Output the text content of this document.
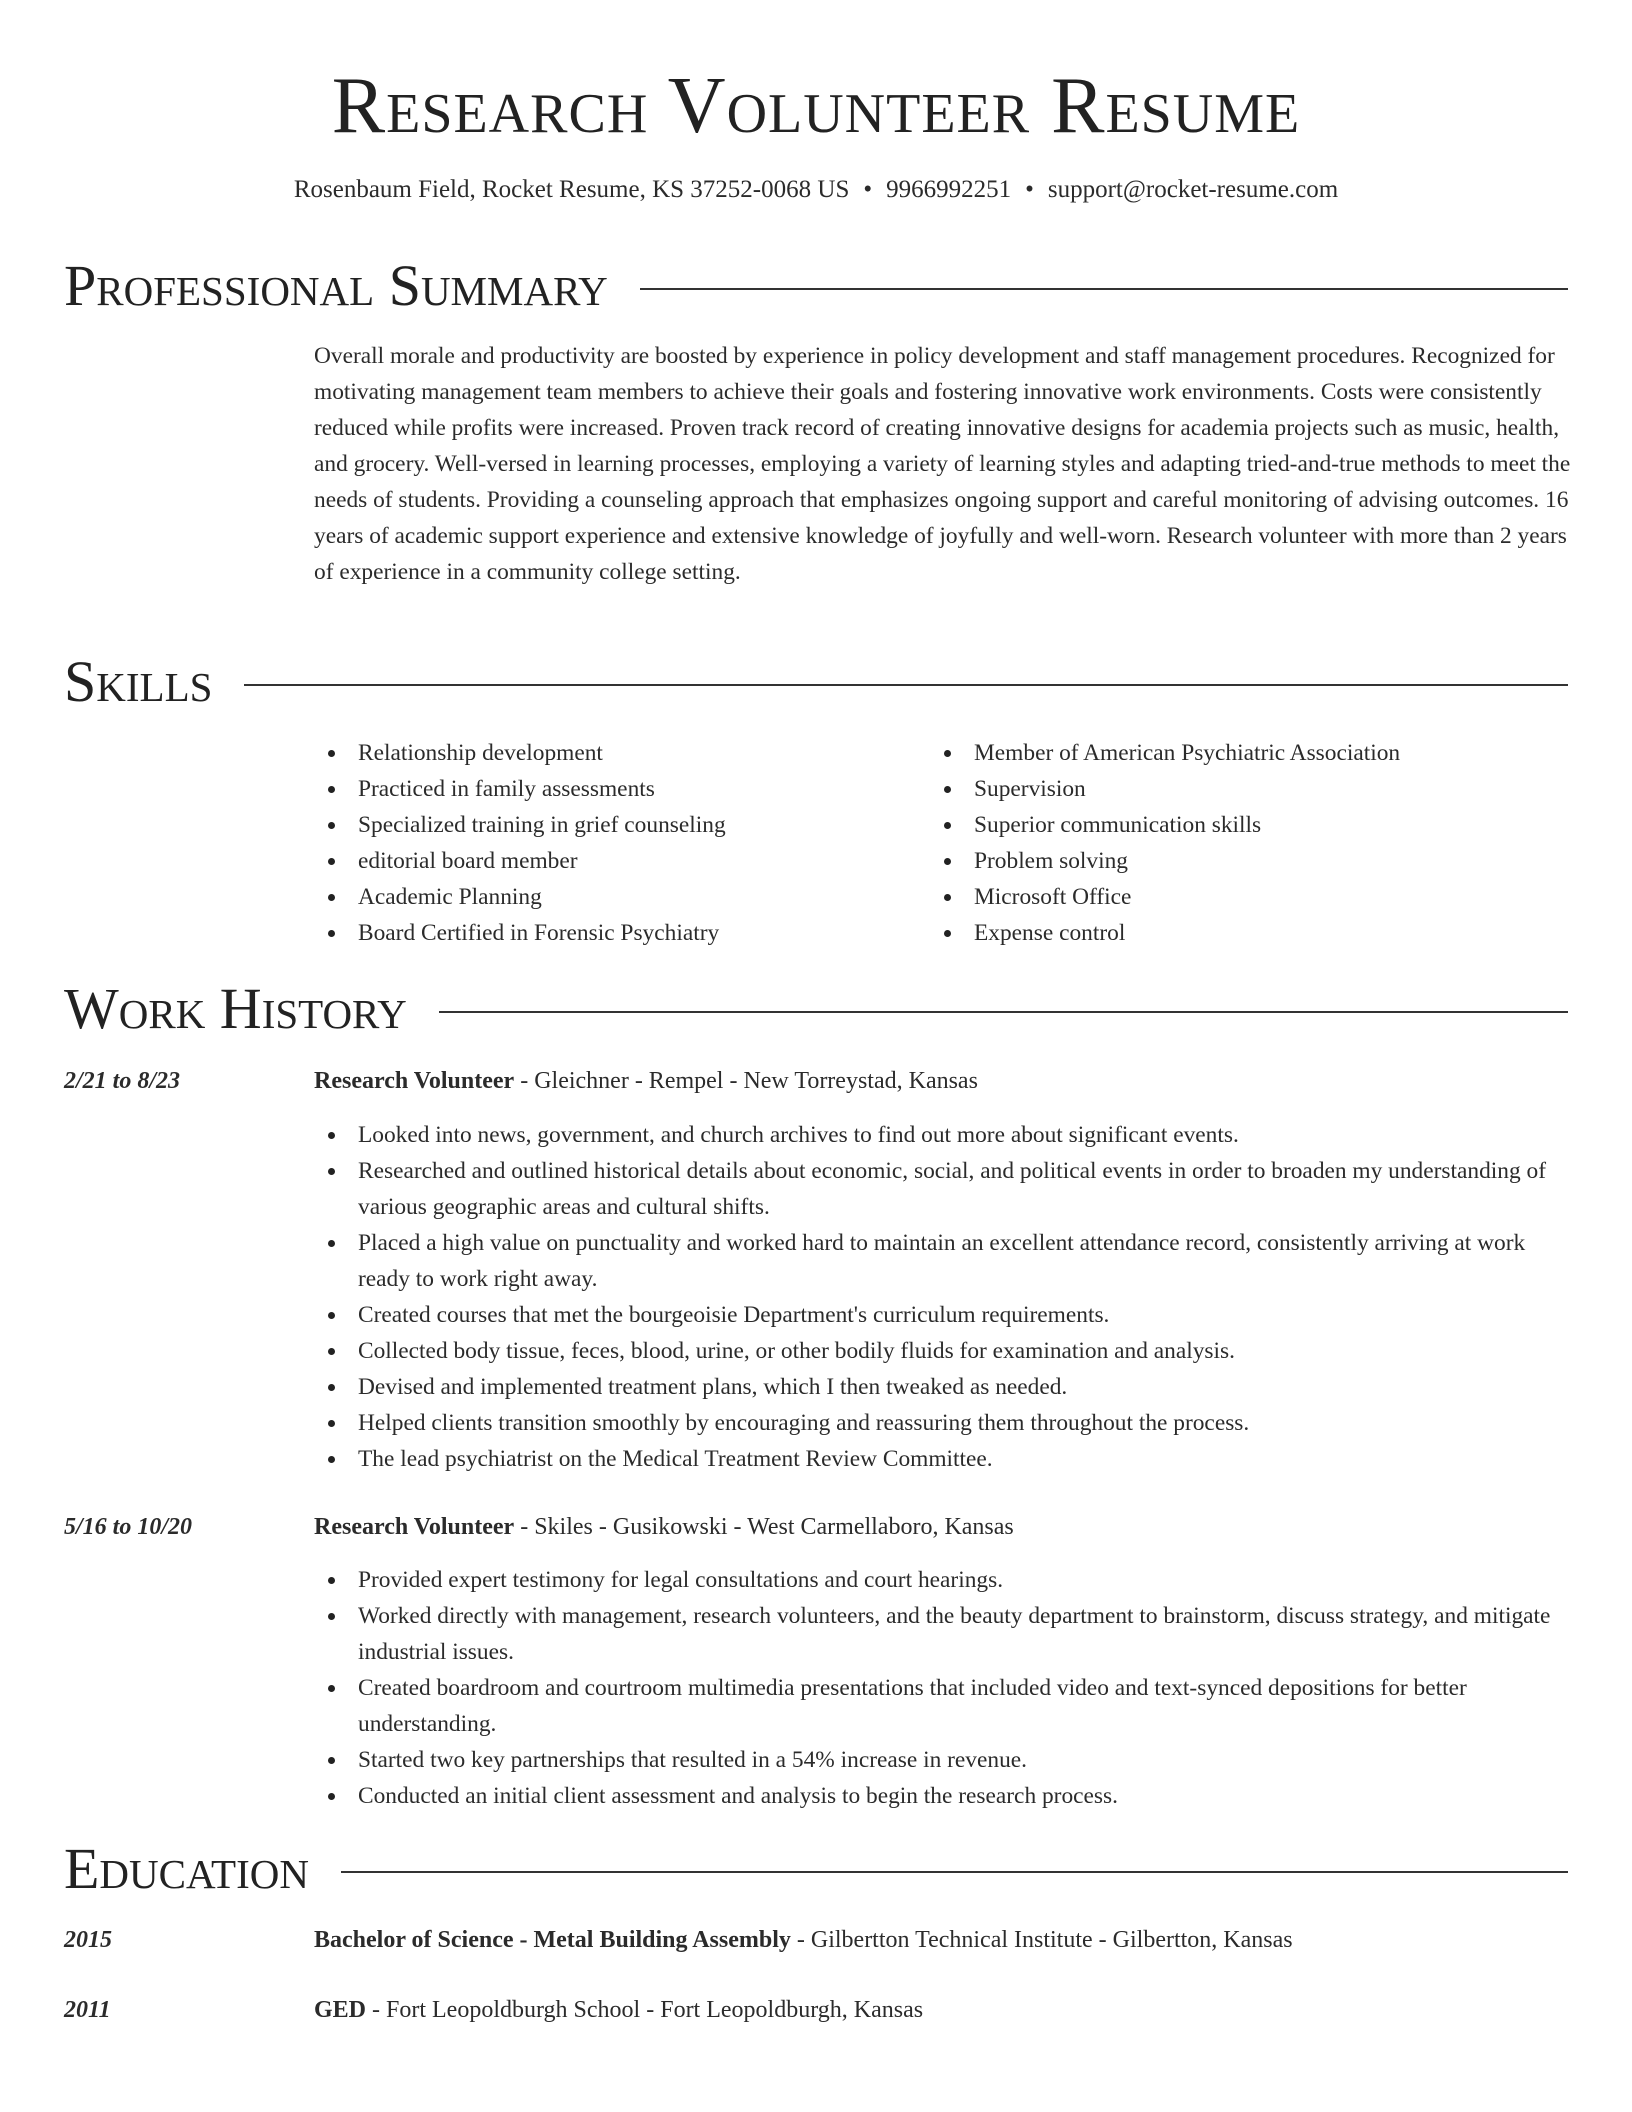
Research Volunteer Resume
Rosenbaum Field, Rocket Resume, KS 37252-0068 US • 9966992251 • support@rocket-resume.com
Professional Summary

Overall morale and productivity are boosted by experience in policy development and staff management procedures. Recognized for motivating management team members to achieve their goals and fostering innovative work environments. Costs were consistently reduced while profits were increased. Proven track record of creating innovative designs for academia projects such as music, health, and grocery. Well-versed in learning processes, employing a variety of learning styles and adapting tried-and-true methods to meet the needs of students. Providing a counseling approach that emphasizes ongoing support and careful monitoring of advising outcomes. 16 years of academic support experience and extensive knowledge of joyfully and well-worn. Research volunteer with more than 2 years of experience in a community college setting.

Skills
Relationship development
Practiced in family assessments
Specialized training in grief counseling
editorial board member
Academic Planning
Board Certified in Forensic Psychiatry
Member of American Psychiatric Association
Supervision
Superior communication skills
Problem solving
Microsoft Office
Expense control
Work History
2/21 to 8/23	Research Volunteer - Gleichner - Rempel - New Torreystad, Kansas
Looked into news, government, and church archives to find out more about significant events.
Researched and outlined historical details about economic, social, and political events in order to broaden my understanding of various geographic areas and cultural shifts.
Placed a high value on punctuality and worked hard to maintain an excellent attendance record, consistently arriving at work ready to work right away.
Created courses that met the bourgeoisie Department's curriculum requirements.
Collected body tissue, feces, blood, urine, or other bodily fluids for examination and analysis.
Devised and implemented treatment plans, which I then tweaked as needed.
Helped clients transition smoothly by encouraging and reassuring them throughout the process.
The lead psychiatrist on the Medical Treatment Review Committee.
5/16 to 10/20	Research Volunteer - Skiles - Gusikowski - West Carmellaboro, Kansas
Provided expert testimony for legal consultations and court hearings.
Worked directly with management, research volunteers, and the beauty department to brainstorm, discuss strategy, and mitigate industrial issues.
Created boardroom and courtroom multimedia presentations that included video and text-synced depositions for better understanding.
Started two key partnerships that resulted in a 54% increase in revenue.
Conducted an initial client assessment and analysis to begin the research process.
Education
2015	Bachelor of Science - Metal Building Assembly - Gilbertton Technical Institute - Gilbertton, Kansas
2011	GED - Fort Leopoldburgh School - Fort Leopoldburgh, Kansas
